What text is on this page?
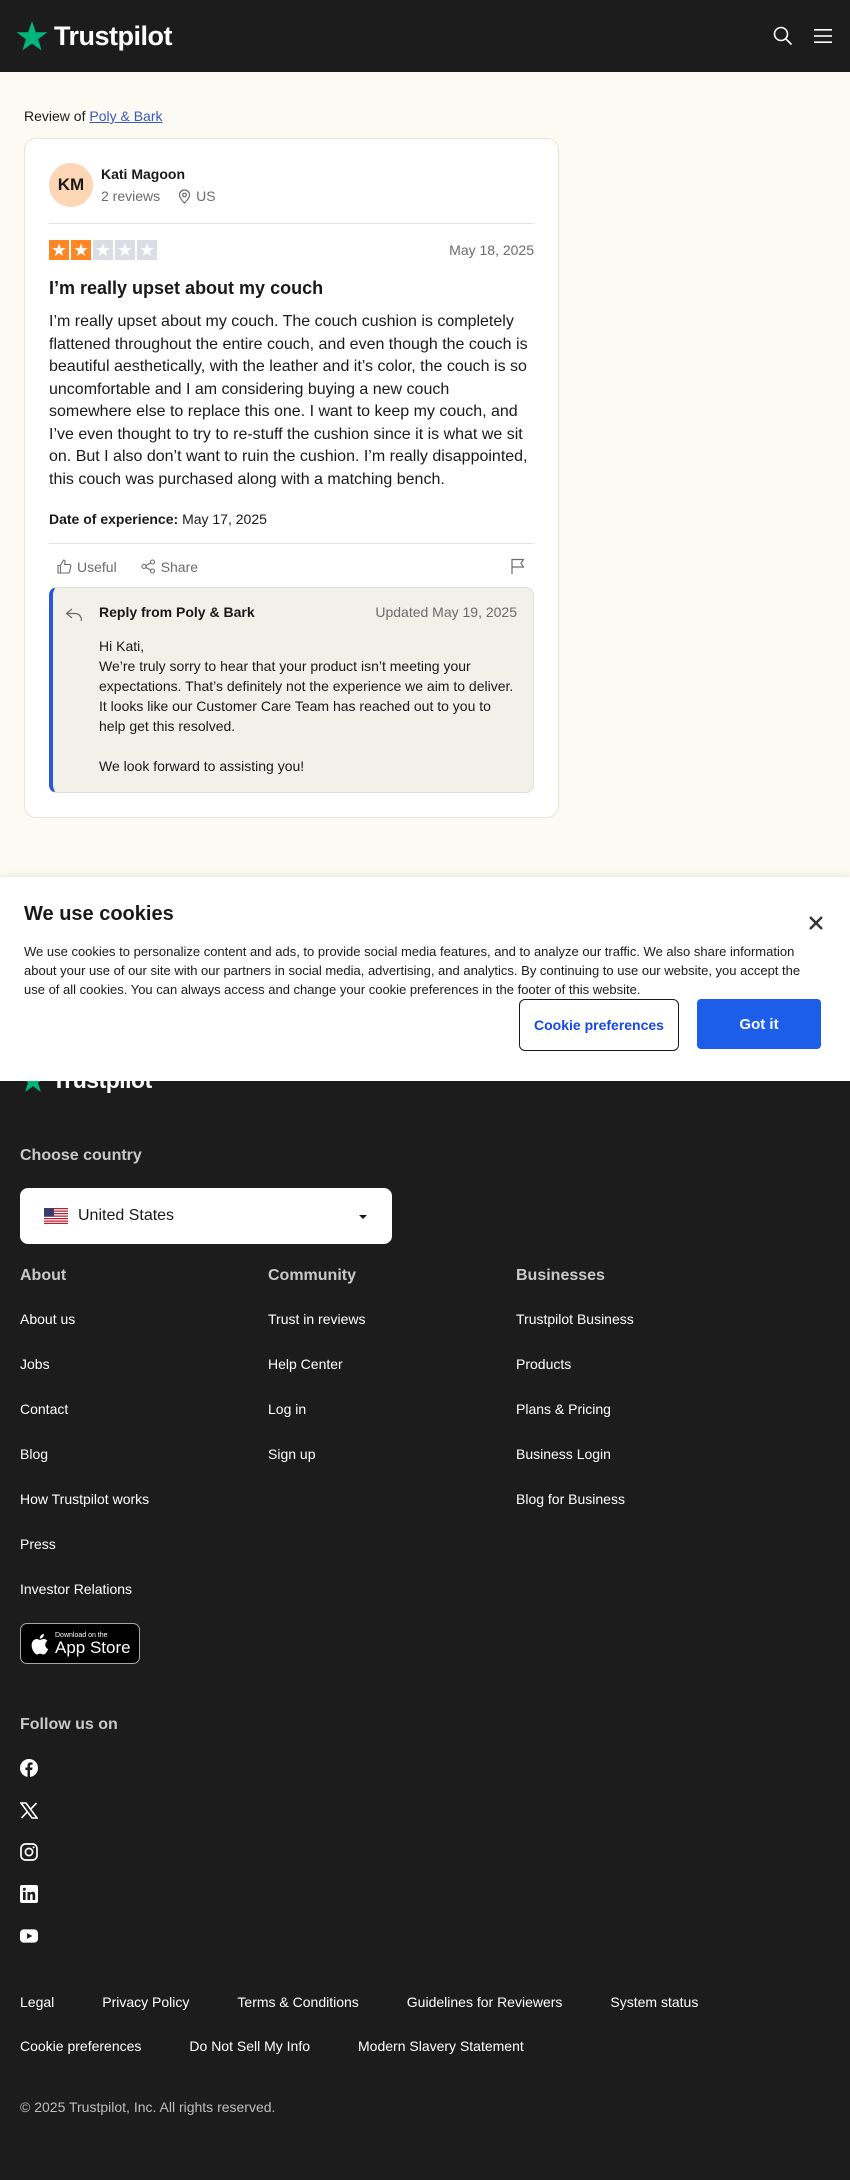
Trustpilot
Review of Poly & Bark
KM
Kati Magoon
2 reviews	US
May 18, 2025
I’m really upset about my couch

I’m really upset about my couch. The couch cushion is completely flattened throughout the entire couch, and even though the couch is beautiful aesthetically, with the leather and it’s color, the couch is so uncomfortable and I am considering buying a new couch somewhere else to replace this one. I want to keep my couch, and I’ve even thought to try to re-stuff the cushion since it is what we sit on. But I also don’t want to ruin the cushion. I’m really disappointed, this couch was purchased along with a matching bench.

Date of experience: May 17, 2025
Useful	Share
Reply from Poly & Bark	Updated May 19, 2025

Hi Kati,
We’re truly sorry to hear that your product isn’t meeting your expectations. That’s definitely not the experience we aim to deliver. It looks like our Customer Care Team has reached out to you to help get this resolved.

We look forward to assisting you!

Choose country
United States
About
About us
Jobs
Contact
Blog
How Trustpilot works
Press
Investor Relations
Community
Trust in reviews
Help Center
Log in
Sign up
Businesses
Trustpilot Business
Products
Plans & Pricing
Business Login
Blog for Business
Download on the
App Store
Follow us on
Legal	Privacy Policy	Terms & Conditions	Guidelines for Reviewers	System status
Cookie preferences	Do Not Sell My Info	Modern Slavery Statement
© 2025 Trustpilot, Inc. All rights reserved.
We use cookies

We use cookies to personalize content and ads, to provide social media features, and to analyze our traffic. We also share information about your use of our site with our partners in social media, advertising, and analytics. By continuing to use our website, you accept the use of all cookies. You can always access and change your cookie preferences in the footer of this website.

Cookie preferences	Got it
